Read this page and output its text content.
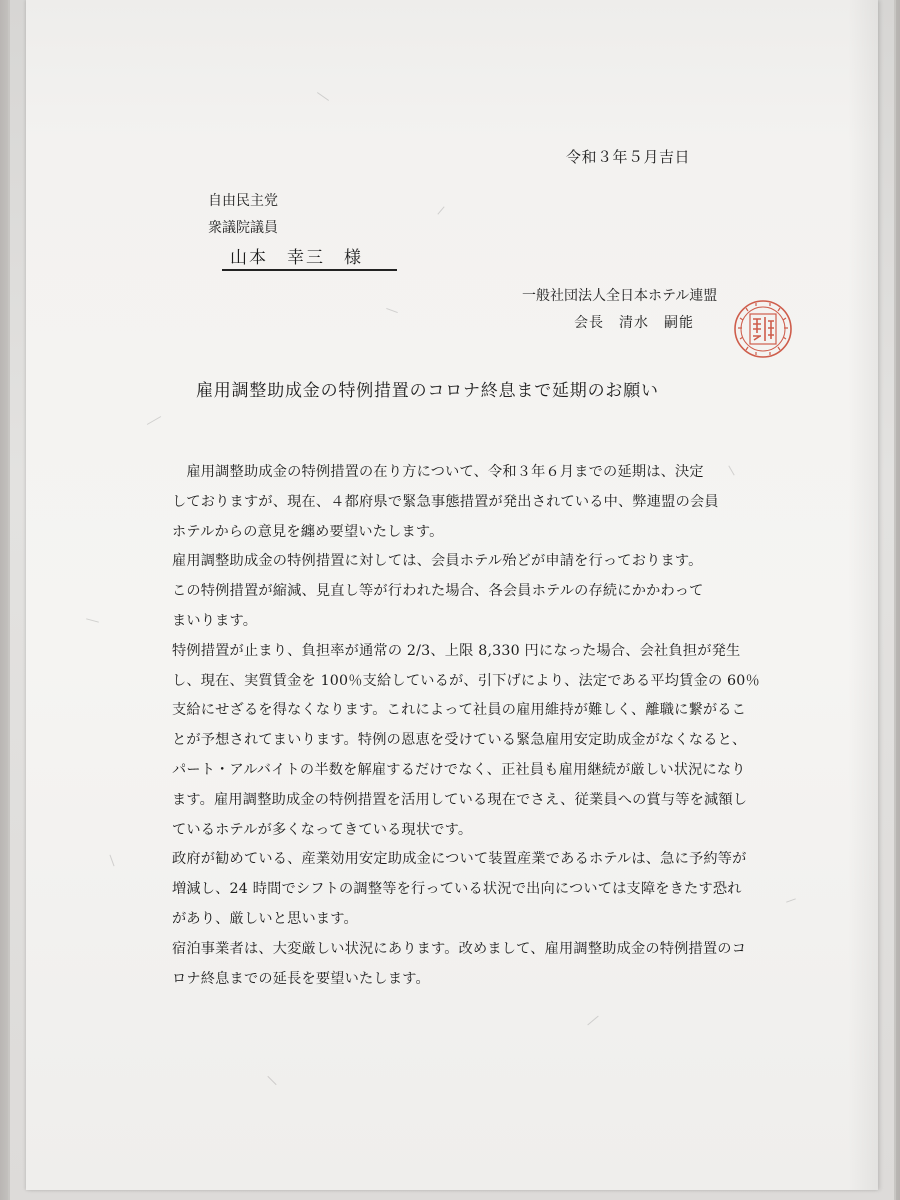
令和３年５月吉日
自由民主党
衆議院議員
山本　幸三　様
一般社団法人全日本ホテル連盟
会長　清水　嗣能
雇用調整助成金の特例措置のコロナ終息まで延期のお願い
　雇用調整助成金の特例措置の在り方について、令和３年６月までの延期は、決定
しておりますが、現在、４都府県で緊急事態措置が発出されている中、弊連盟の会員
ホテルからの意見を纏め要望いたします。
雇用調整助成金の特例措置に対しては、会員ホテル殆どが申請を行っております。
この特例措置が縮減、見直し等が行われた場合、各会員ホテルの存続にかかわって
まいります。
特例措置が止まり、負担率が通常の 2/3、上限 8,330 円になった場合、会社負担が発生
し、現在、実質賃金を 100％支給しているが、引下げにより、法定である平均賃金の 60％
支給にせざるを得なくなります。これによって社員の雇用維持が難しく、離職に繋がるこ
とが予想されてまいります。特例の恩恵を受けている緊急雇用安定助成金がなくなると、
パート・アルバイトの半数を解雇するだけでなく、正社員も雇用継続が厳しい状況になり
ます。雇用調整助成金の特例措置を活用している現在でさえ、従業員への賞与等を減額し
ているホテルが多くなってきている現状です。
政府が勧めている、産業効用安定助成金について装置産業であるホテルは、急に予約等が
増減し、24 時間でシフトの調整等を行っている状況で出向については支障をきたす恐れ
があり、厳しいと思います。
宿泊事業者は、大変厳しい状況にあります。改めまして、雇用調整助成金の特例措置のコ
ロナ終息までの延長を要望いたします。
